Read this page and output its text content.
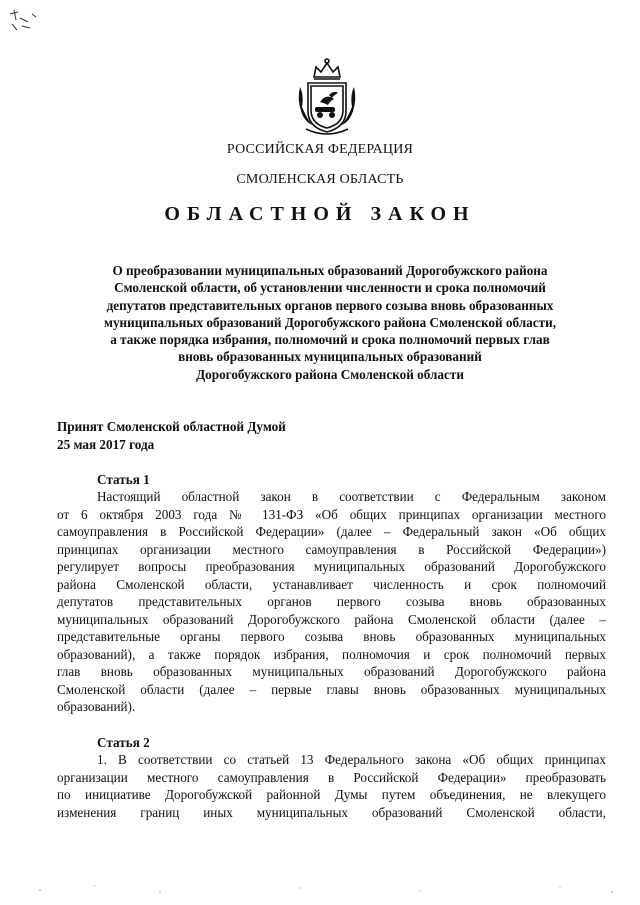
РОССИЙСКАЯ ФЕДЕРАЦИЯ
СМОЛЕНСКАЯ ОБЛАСТЬ
ОБЛАСТНОЙ ЗАКОН
О преобразовании муниципальных образований Дорогобужского района
Смоленской области, об установлении численности и срока полномочий
депутатов представительных органов первого созыва вновь образованных
муниципальных образований Дорогобужского района Смоленской области,
а также порядка избрания, полномочий и срока полномочий первых глав
вновь образованных муниципальных образований
Дорогобужского района Смоленской области
Принят Смоленской областной Думой
25 мая 2017 года
Статья 1
Настоящий областной закон в соответствии с Федеральным законом
от 6 октября 2003 года № 131-ФЗ «Об общих принципах организации местного
самоуправления в Российской Федерации» (далее – Федеральный закон «Об общих
принципах организации местного самоуправления в Российской Федерации»)
регулирует вопросы преобразования муниципальных образований Дорогобужского
района Смоленской области, устанавливает численность и срок полномочий
депутатов представительных органов первого созыва вновь образованных
муниципальных образований Дорогобужского района Смоленской области (далее –
представительные органы первого созыва вновь образованных муниципальных
образований), а также порядок избрания, полномочия и срок полномочий первых
глав вновь образованных муниципальных образований Дорогобужского района
Смоленской области (далее – первые главы вновь образованных муниципальных
образований).
Статья 2
1. В соответствии со статьей 13 Федерального закона «Об общих принципах
организации местного самоуправления в Российской Федерации» преобразовать
по инициативе Дорогобужской районной Думы путем объединения, не влекущего
изменения границ иных муниципальных образований Смоленской области,
